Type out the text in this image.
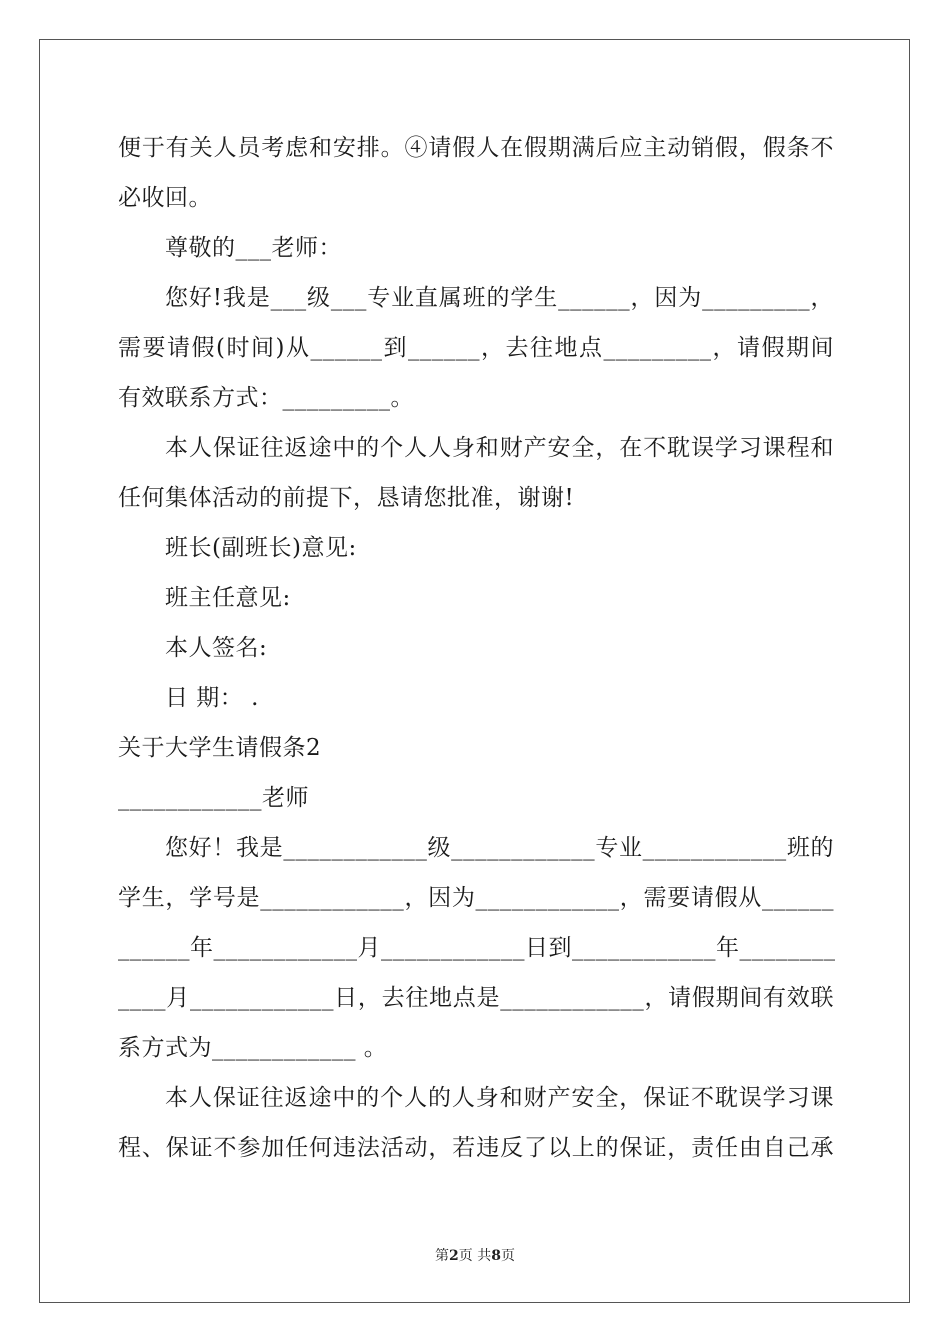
便于有关人员考虑和安排。④请假人在假期满后应主动销假，假条不
必收回。
尊敬的___老师：
您好!我是___级___专业直属班的学生______，因为_________，
需要请假(时间)从______到______，去往地点_________，请假期间
有效联系方式：_________。
本人保证往返途中的个人人身和财产安全，在不耽误学习课程和
任何集体活动的前提下，恳请您批准，谢谢!
班长(副班长)意见:
班主任意见:
本人签名:
日 期： .
关于大学生请假条2
____________老师
您好！我是____________级____________专业____________班的
学生，学号是____________，因为____________，需要请假从______
______年____________月____________日到____________年________
____月____________日，去往地点是____________，请假期间有效联
系方式为____________ 。
本人保证往返途中的个人的人身和财产安全，保证不耽误学习课
程、保证不参加任何违法活动，若违反了以上的保证，责任由自己承
第2页 共8页
